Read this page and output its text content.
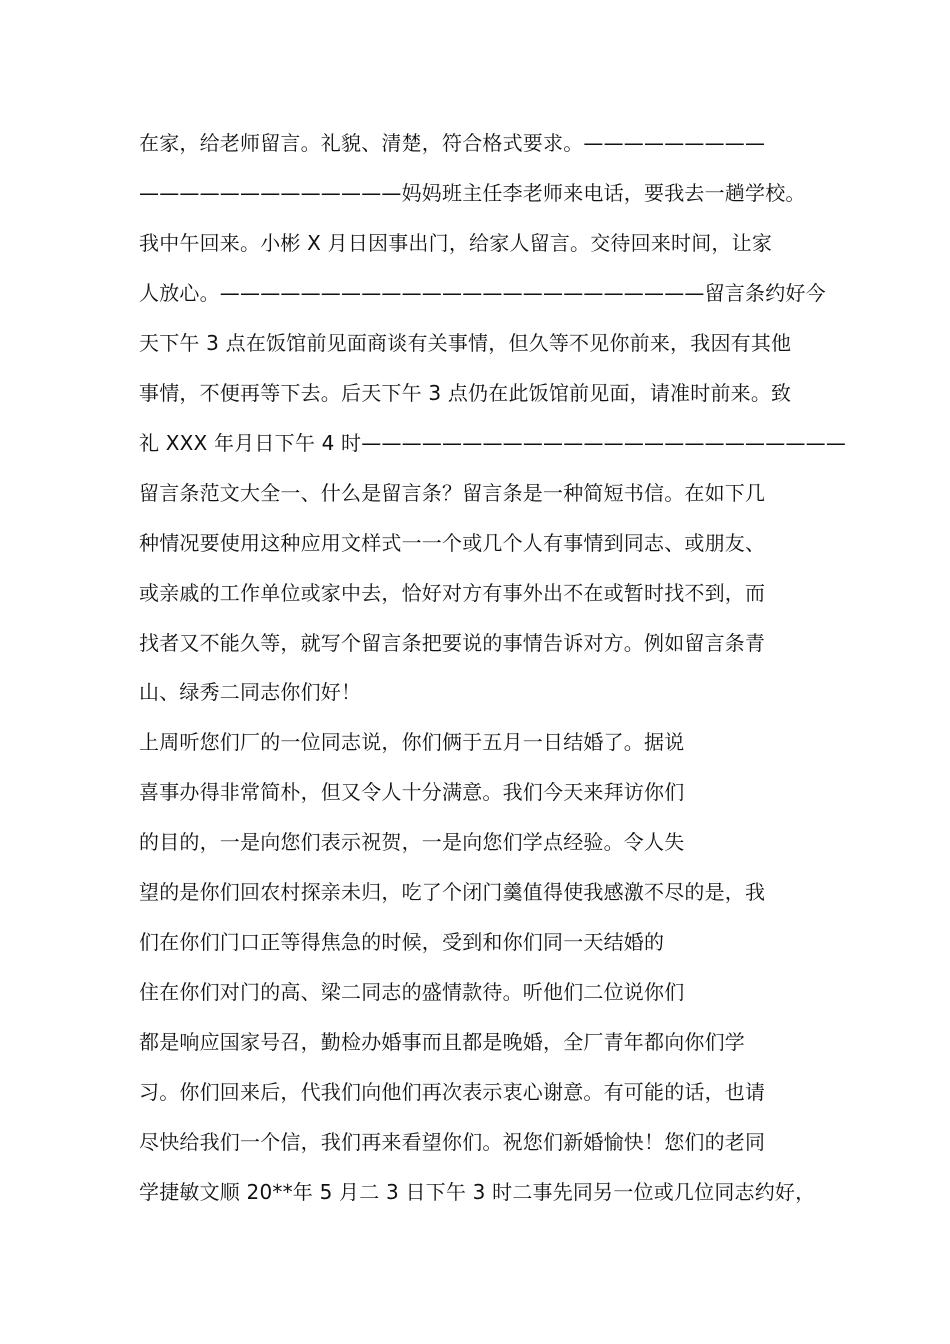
在家，给老师留言。礼貌、清楚，符合格式要求。—————————
—————————————妈妈班主任李老师来电话，要我去一趟学校。
我中午回来。小彬 X 月日因事出门，给家人留言。交待回来时间，让家
人放心。————————————————————————留言条约好今
天下午 3 点在饭馆前见面商谈有关事情，但久等不见你前来，我因有其他
事情，不便再等下去。后天下午 3 点仍在此饭馆前见面，请准时前来。致
礼 XXX 年月日下午 4 时————————————————————————
留言条范文大全一、什么是留言条？留言条是一种简短书信。在如下几
种情况要使用这种应用文样式一一个或几个人有事情到同志、或朋友、
或亲戚的工作单位或家中去，恰好对方有事外出不在或暂时找不到，而
找者又不能久等，就写个留言条把要说的事情告诉对方。例如留言条青
山、绿秀二同志你们好！
上周听您们厂的一位同志说，你们俩于五月一日结婚了。据说
喜事办得非常简朴，但又令人十分满意。我们今天来拜访你们
的目的，一是向您们表示祝贺，一是向您们学点经验。令人失
望的是你们回农村探亲未归，吃了个闭门羹值得使我感激不尽的是，我
们在你们门口正等得焦急的时候，受到和你们同一天结婚的
住在你们对门的高、梁二同志的盛情款待。听他们二位说你们
都是响应国家号召，勤检办婚事而且都是晚婚，全厂青年都向你们学
习。你们回来后，代我们向他们再次表示衷心谢意。有可能的话，也请
尽快给我们一个信，我们再来看望你们。祝您们新婚愉快！您们的老同
学捷敏文顺 20**年 5 月二 3 日下午 3 时二事先同另一位或几位同志约好，
